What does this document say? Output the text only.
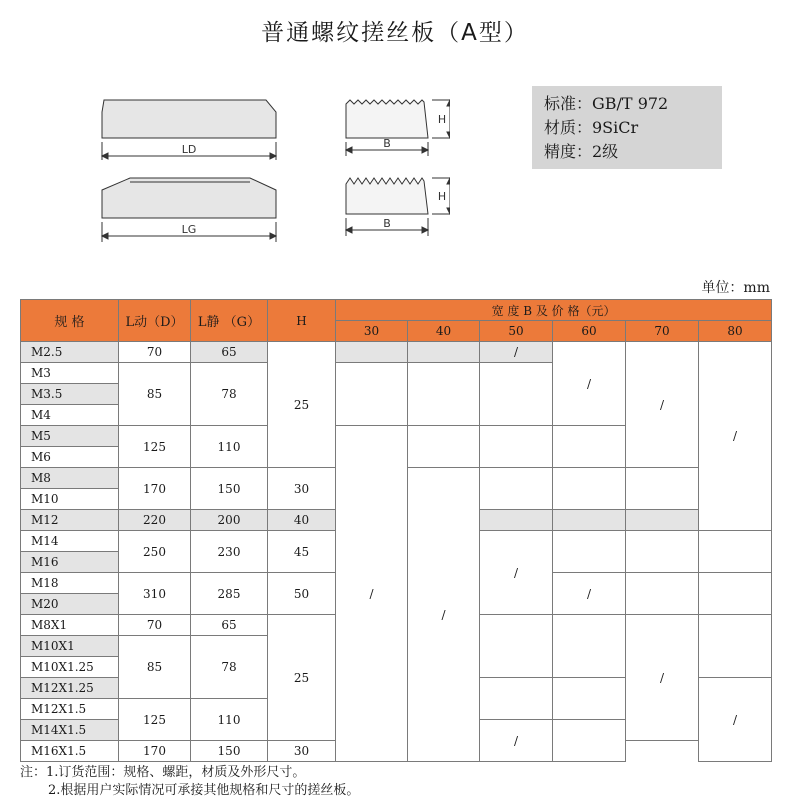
普通螺纹搓丝板（A型）
LD
LG
B
B
H
H
标准：GB/T 972
材质：9SiCr
精度：2级
单位：mm
规 格	L动（D）	L静 （G）	H	宽 度 B 及 价 格（元）					
				30	40	50	60	70	80
M2.5	70	65	25			/	/	/	/
M3	85	78							
M3.5									
M4									
M5	125	110		/					
M6									
M8	170	150	30		/				
M10									
M12	220	200	40						
M14	250	230	45			/			
M16									
M18	310	285	50				/		
M20									
M8X1	70	65	25					/	
M10X1	85	78							
M10X1.25									
M12X1.25									/
M12X1.5	125	110							
M14X1.5						/			
M16X1.5	170	150	30						
注：1.订货范围：规格、螺距，材质及外形尺寸。
2.根据用户实际情况可承接其他规格和尺寸的搓丝板。
